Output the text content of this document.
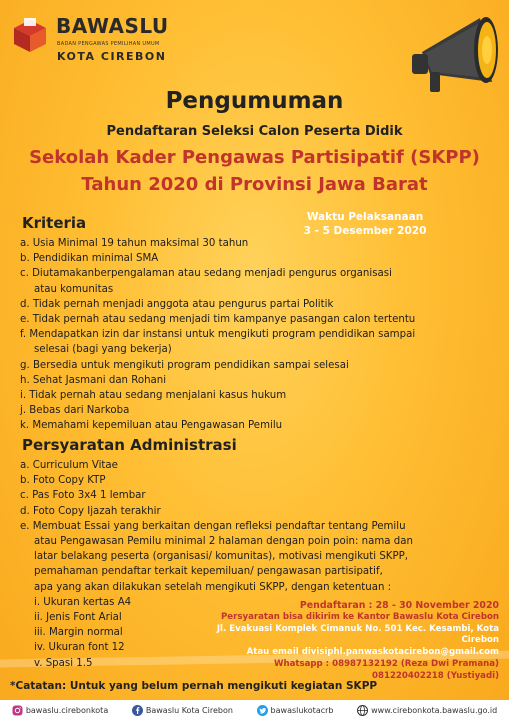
BAWASLU
BADAN PENGAWAS PEMILIHAN UMUM
KOTA CIREBON
Pengumuman
Pendaftaran Seleksi Calon Peserta Didik
Sekolah Kader Pengawas Partisipatif (SKPP)
Tahun 2020 di Provinsi Jawa Barat
Waktu Pelaksanaan
3 - 5 Desember 2020
Kriteria
a. Usia Minimal 19 tahun maksimal 30 tahun
b. Pendidikan minimal SMA
c. Diutamakanberpengalaman atau sedang menjadi pengurus organisasi
atau komunitas
d. Tidak pernah menjadi anggota atau pengurus partai Politik
e. Tidak pernah atau sedang menjadi tim kampanye pasangan calon tertentu
f. Mendapatkan izin dar instansi untuk mengikuti program pendidikan sampai
selesai (bagi yang bekerja)
g. Bersedia untuk mengikuti program pendidikan sampai selesai
h. Sehat Jasmani dan Rohani
i. Tidak pernah atau sedang menjalani kasus hukum
j. Bebas dari Narkoba
k. Memahami kepemiluan atau Pengawasan Pemilu
Persyaratan Administrasi
a. Curriculum Vitae
b. Foto Copy KTP
c. Pas Foto 3x4 1 lembar
d. Foto Copy Ijazah terakhir
e. Membuat Essai yang berkaitan dengan refleksi pendaftar tentang Pemilu
atau Pengawasan Pemilu minimal 2 halaman dengan poin poin: nama dan
latar belakang peserta (organisasi/ komunitas), motivasi mengikuti SKPP,
pemahaman pendaftar terkait kepemiluan/ pengawasan partisipatif,
apa yang akan dilakukan setelah mengikuti SKPP, dengan ketentuan :
i. Ukuran kertas A4
ii. Jenis Font Arial
iii. Margin normal
iv. Ukuran font 12
v. Spasi 1.5
Pendaftaran : 28 - 30 November 2020
Persyaratan bisa dikirim ke Kantor Bawaslu Kota Cirebon
Jl. Evakuasi Komplek Cimanuk No. 501 Kec. Kesambi, Kota Cirebon
Atau email divisiphl.panwaskotacirebon@gmail.com
Whatsapp : 08987132192 (Reza Dwi Pramana)
081220402218 (Yustiyadi)
*Catatan: Untuk yang belum pernah mengikuti kegiatan SKPP
bawaslu.cirebonkota	Bawaslu Kota Cirebon	bawaslukotacrb	www.cirebonkota.bawaslu.go.id
